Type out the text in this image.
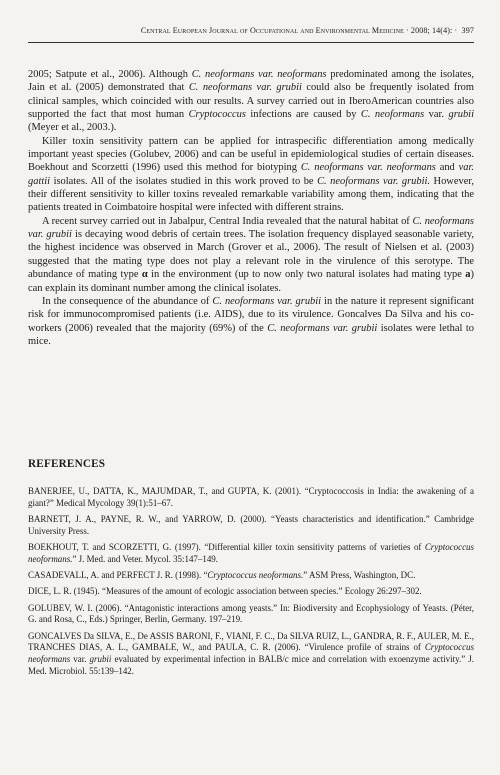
Central European Journal of Occupational and Environmental Medicine · 2008; 14(4): · 397

2005; Satpute et al., 2006). Although C. neoformans var. neoformans predominated among the isolates, Jain et al. (2005) demonstrated that C. neoformans var. grubii could also be frequently isolated from clinical samples, which coincided with our results. A survey carried out in IberoAmerican countries also supported the fact that most human Cryptococcus infections are caused by C. neoformans var. grubii (Meyer et al., 2003.).

Killer toxin sensitivity pattern can be applied for intraspecific differentiation among medically important yeast species (Golubev, 2006) and can be useful in epidemiological studies of certain diseases. Boekhout and Scorzetti (1996) used this method for biotyping C. neoformans var. neoformans and var. gattii isolates. All of the isolates studied in this work proved to be C. neoformans var. grubii. However, their different sensitivity to killer toxins revealed remarkable variability among them, indicating that the patients treated in Coimbatoire hospital were infected with different strains.

A recent survey carried out in Jabalpur, Central India revealed that the natural habitat of C. neoformans var. grubii is decaying wood debris of certain trees. The isolation frequency displayed seasonable variety, the highest incidence was observed in March (Grover et al., 2006). The result of Nielsen et al. (2003) suggested that the mating type does not play a relevant role in the virulence of this serotype. The abundance of mating type α in the environment (up to now only two natural isolates had mating type a) can explain its dominant number among the clinical isolates.

In the consequence of the abundance of C. neoformans var. grubii in the nature it represent significant risk for immunocompromised patients (i.e. AIDS), due to its virulence. Goncalves Da Silva and his co-workers (2006) revealed that the majority (69%) of the C. neoformans var. grubii isolates were lethal to mice.

REFERENCES

BANERJEE, U., DATTA, K., MAJUMDAR, T., and GUPTA, K. (2001). “Cryptococcosis in India: the awakening of a giant?” Medical Mycology 39(1):51–67.

BARNETT, J. A., PAYNE, R. W., and YARROW, D. (2000). “Yeasts characteristics and identification.” Cambridge University Press.

BOEKHOUT, T. and SCORZETTI, G. (1997). “Differential killer toxin sensitivity patterns of varieties of Cryptococcus neoformans.” J. Med. and Veter. Mycol. 35:147–149.

CASADEVALL, A. and PERFECT J. R. (1998). “Cryptococcus neoformans.” ASM Press, Washington, DC.

DICE, L. R. (1945). “Measures of the amount of ecologic association between species.” Ecology 26:297–302.

GOLUBEV, W. I. (2006). “Antagonistic interactions among yeasts.” In: Biodiversity and Ecophysiology of Yeasts. (Péter, G. and Rosa, C., Eds.) Springer, Berlin, Germany. 197–219.

GONCALVES Da SILVA, E., De ASSIS BARONI, F., VIANI, F. C., Da SILVA RUIZ, L., GANDRA, R. F., AULER, M. E., TRANCHES DIAS, A. L., GAMBALE, W., and PAULA, C. R. (2006). “Virulence profile of strains of Cryptococcus neoformans var. grubii evaluated by experimental infection in BALB/c mice and correlation with exoenzyme activity.” J. Med. Microbiol. 55:139–142.
